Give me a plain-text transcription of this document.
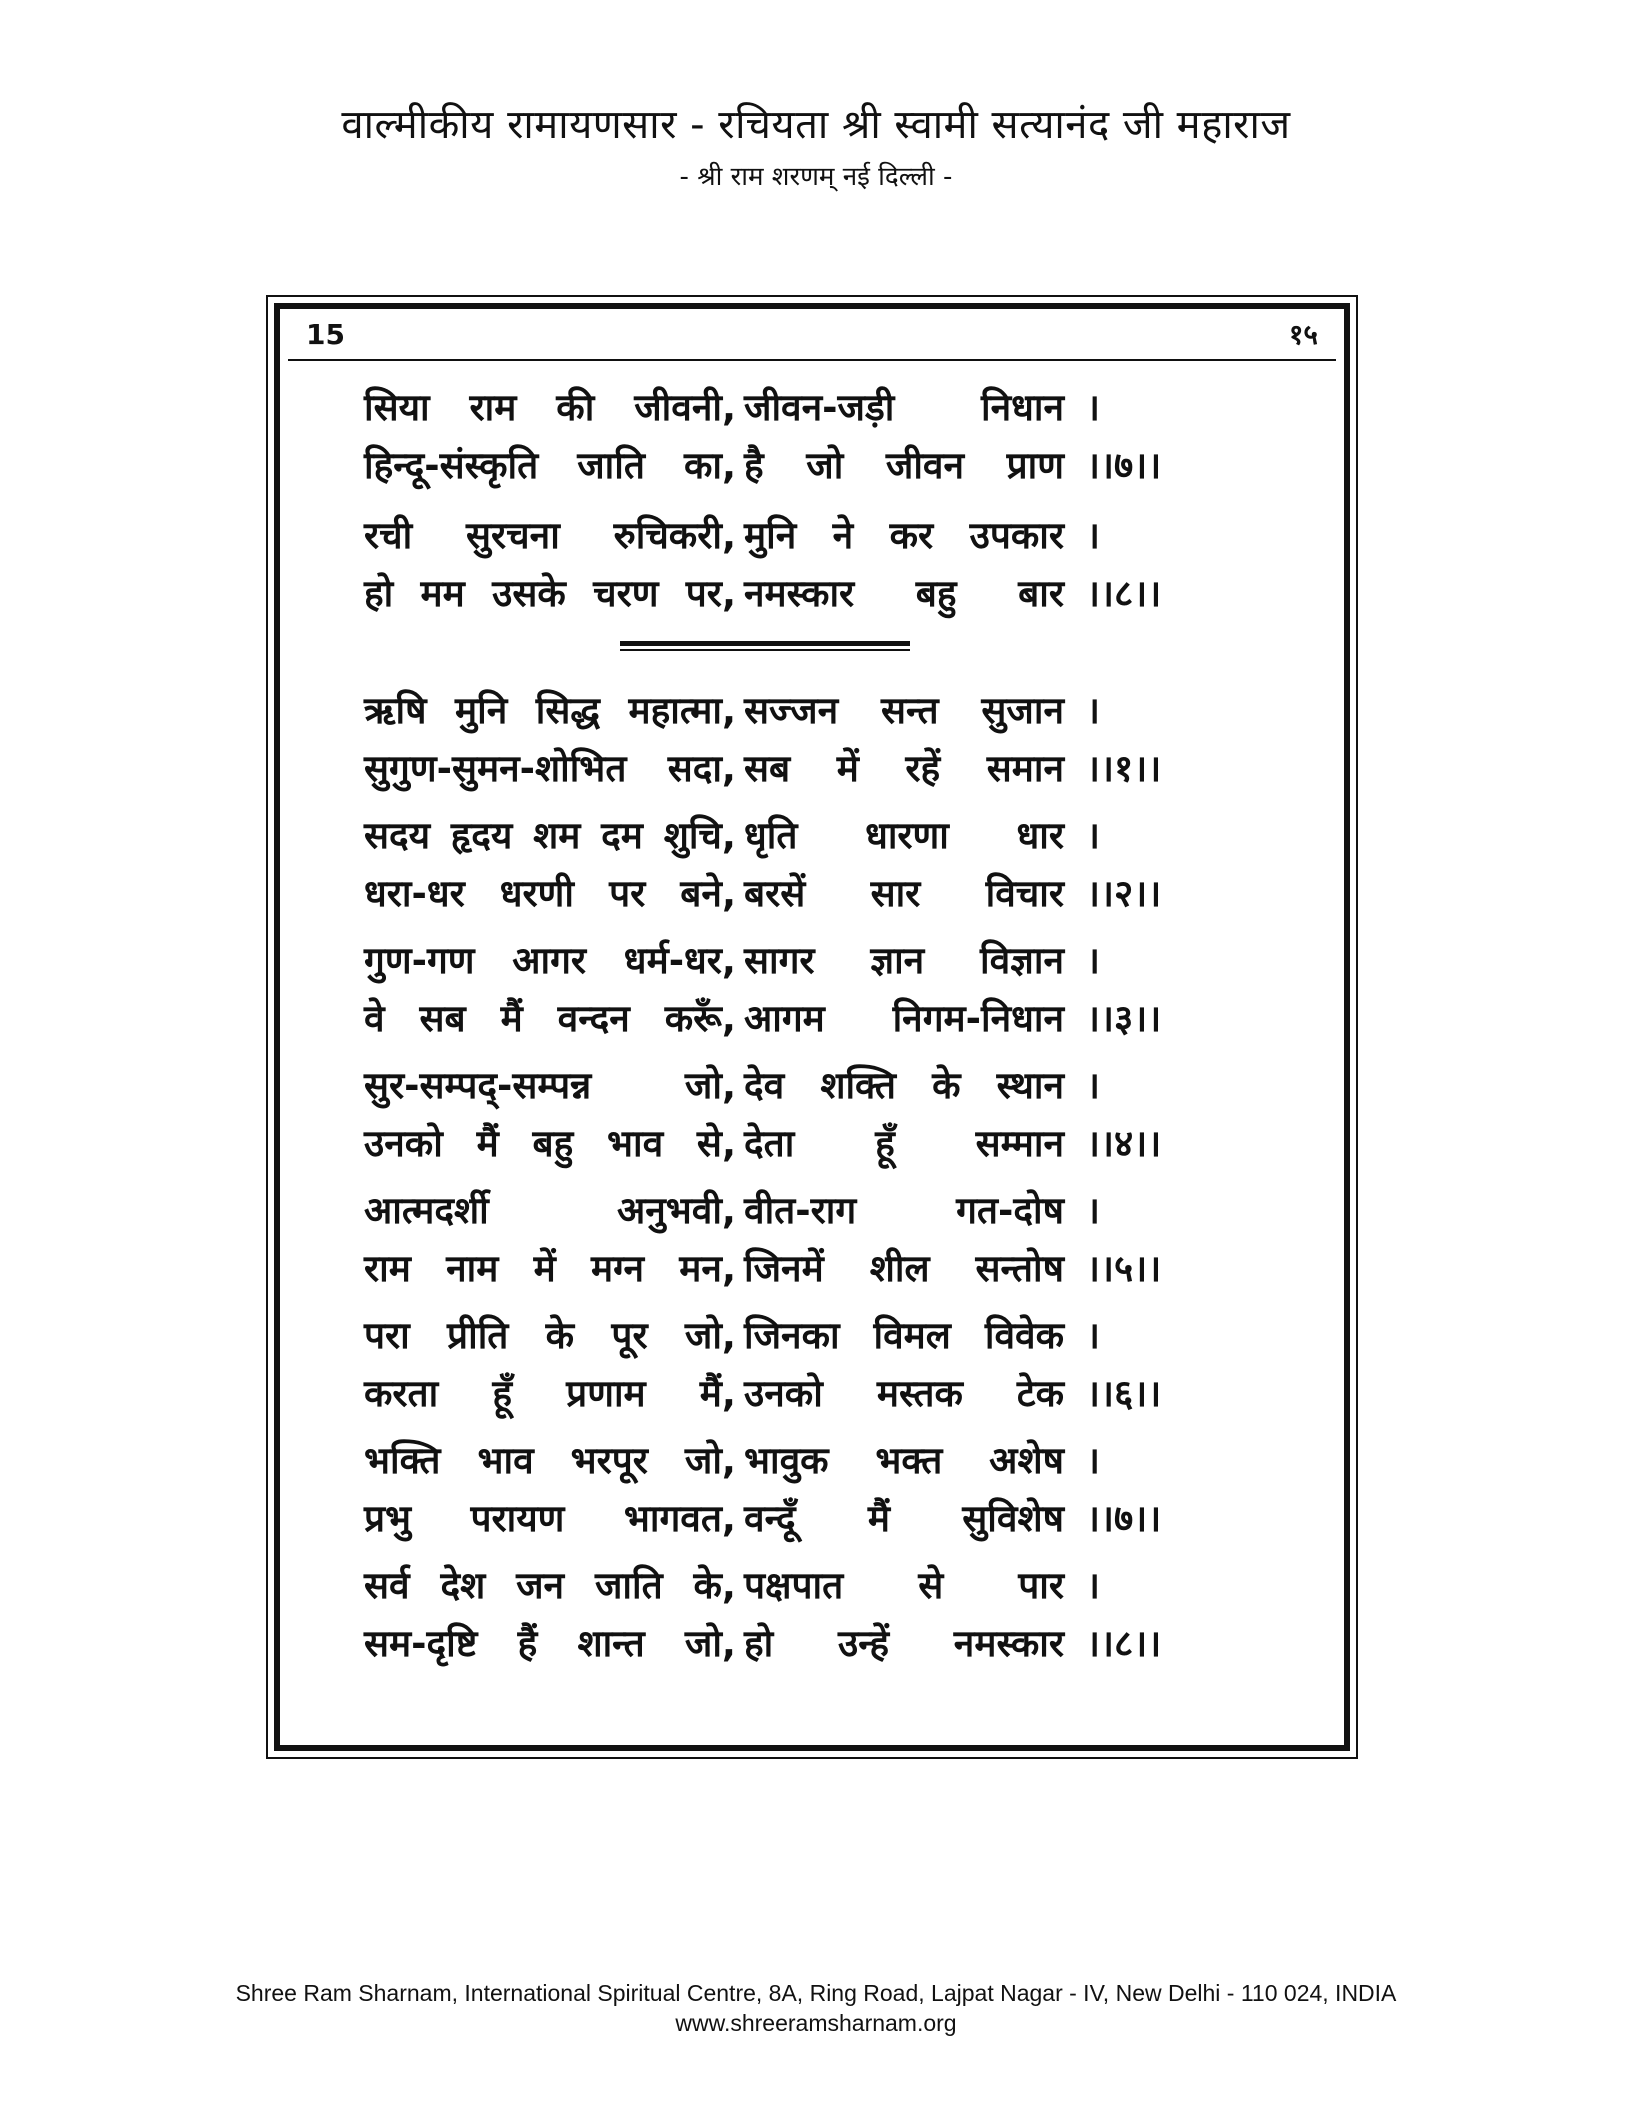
वाल्मीकीय रामायणसार - रचियता श्री स्वामी सत्यानंद जी महाराज
- श्री राम शरणम् नई दिल्ली -
15	१५
सिया राम की जीवनी, जीवन-जड़ी निधान ।
हिन्दू-संस्कृति जाति का, है जो जीवन प्राण ।।७।।
रची सुरचना रुचिकरी, मुनि ने कर उपकार ।
हो मम उसके चरण पर, नमस्कार बहु बार ।।८।।
ऋषि मुनि सिद्ध महात्मा, सज्जन सन्त सुजान ।
सुगुण-सुमन-शोभित सदा, सब में रहें समान ।।१।।
सदय हृदय शम दम शुचि, धृति धारणा धार ।
धरा-धर धरणी पर बने, बरसें सार विचार ।।२।।
गुण-गण आगर धर्म-धर, सागर ज्ञान विज्ञान ।
वे सब मैं वन्दन करूँ, आगम निगम-निधान ।।३।।
सुर-सम्पद्-सम्पन्न जो, देव शक्ति के स्थान ।
उनको मैं बहु भाव से, देता हूँ सम्मान ।।४।।
आत्मदर्शी अनुभवी, वीत-राग गत-दोष ।
राम नाम में मग्न मन, जिनमें शील सन्तोष ।।५।।
परा प्रीति के पूर जो, जिनका विमल विवेक ।
करता हूँ प्रणाम मैं, उनको मस्तक टेक ।।६।।
भक्ति भाव भरपूर जो, भावुक भक्त अशेष ।
प्रभु परायण भागवत, वन्दूँ मैं सुविशेष ।।७।।
सर्व देश जन जाति के, पक्षपात से पार ।
सम-दृष्टि हैं शान्त जो, हो उन्हें नमस्कार ।।८।।
Shree Ram Sharnam, International Spiritual Centre, 8A, Ring Road, Lajpat Nagar - IV, New Delhi - 110 024, INDIA
www.shreeramsharnam.org
